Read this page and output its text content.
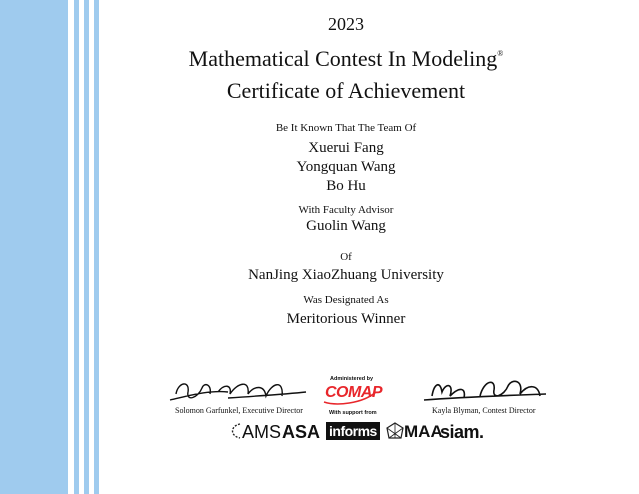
2023
Mathematical Contest In Modeling®
Certificate of Achievement
Be It Known That The Team Of
Xuerui Fang
Yongquan Wang
Bo Hu
With Faculty Advisor
Guolin Wang
Of
NanJing XiaoZhuang University
Was Designated As
Meritorious Winner
Solomon Garfunkel, Executive Director	Kayla Blyman, Contest Director
Administered by
COMAP
With support from
AMS ASA informs	MAA
siam.
